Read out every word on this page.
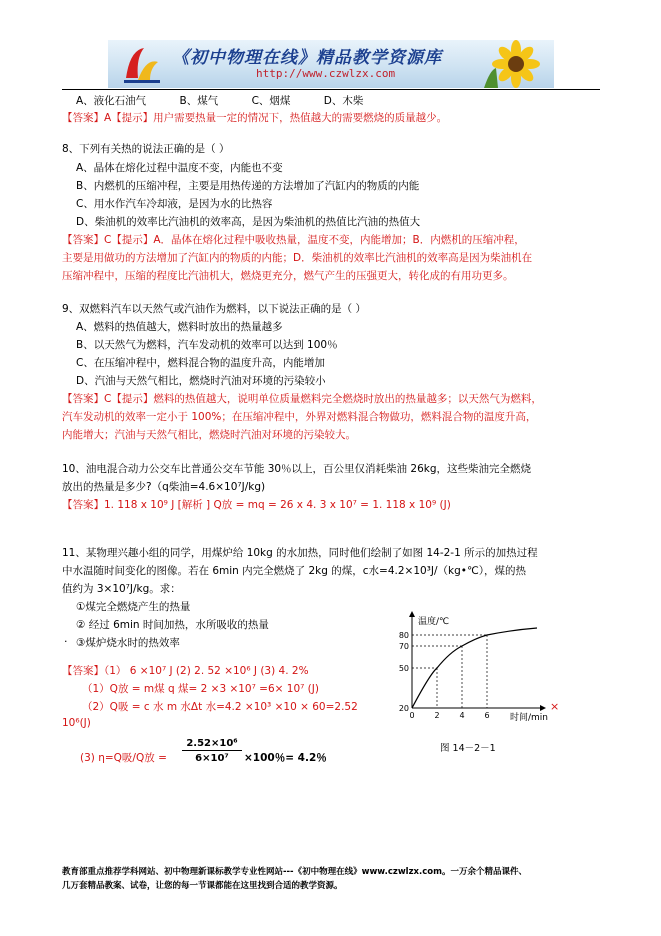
《初中物理在线》精品教学资源库
http://www.czwlzx.com
A、液化石油气	B、煤气	C、烟煤	D、木柴
【答案】A【提示】用户需要热量一定的情况下，热值越大的需要燃烧的质量越少。
8、下列有关热的说法正确的是（ ）
A、晶体在熔化过程中温度不变，内能也不变
B、内燃机的压缩冲程，主要是用热传递的方法增加了汽缸内的物质的内能
C、用水作汽车冷却液，是因为水的比热容
D、柴油机的效率比汽油机的效率高，是因为柴油机的热值比汽油的热值大
【答案】C【提示】A．晶体在熔化过程中吸收热量，温度不变，内能增加；B．内燃机的压缩冲程，
主要是用做功的方法增加了汽缸内的物质的内能；D．柴油机的效率比汽油机的效率高是因为柴油机在
压缩冲程中，压缩的程度比汽油机大，燃烧更充分，燃气产生的压强更大，转化成的有用功更多。
9、双燃料汽车以天然气或汽油作为燃料，以下说法正确的是（ ）
A、燃料的热值越大，燃料时放出的热量越多
B、以天然气为燃料，汽车发动机的效率可以达到 100％
C、在压缩冲程中，燃料混合物的温度升高，内能增加
D、汽油与天然气相比，燃烧时汽油对环境的污染较小
【答案】C【提示】燃料的热值越大，说明单位质量燃料完全燃烧时放出的热量越多；以天然气为燃料，
汽车发动机的效率一定小于 100%；在压缩冲程中，外界对燃料混合物做功，燃料混合物的温度升高，
内能增大；汽油与天然气相比，燃烧时汽油对环境的污染较大。
10、油电混合动力公交车比普通公交车节能 30％以上，百公里仅消耗柴油 26kg，这些柴油完全燃烧
放出的热量是多少?（q柴油=4.6×10⁷J/kg)
【答案】1. 118 x 10⁹ J [解析 ] Q放 = mq = 26 x 4. 3 x 10⁷ = 1. 118 x 10⁹ (J)
11、某物理兴趣小组的同学，用煤炉给 10kg 的水加热，同时他们绘制了如图 14-2-1 所示的加热过程
中水温随时间变化的图像。若在 6min 内完全燃烧了 2kg 的煤，c水=4.2×10³J/（kg•℃），煤的热
值约为 3×10⁷J/kg。求：
①煤完全燃烧产生的热量
② 经过 6min 时间加热，水所吸收的热量
. ③煤炉烧水时的热效率
【答案】（1） 6 ×10⁷ J (2) 2. 52 ×10⁶ J (3) 4. 2%
（1）Q放 = m煤 q 煤= 2 ×3 ×10⁷ =6× 10⁷ (J)
（2）Q吸 = c 水 m 水Δt 水=4.2 ×10³ ×10 × 60=2.52
10⁶(J)
×
(3) η=Q吸/Q放 = $\frac{\text{2.52×10⁶}}{\text{6×10⁷}} \times 100$％= 4.2％
温度/℃
时间/min
80
70
50
20
0 2 4 6
图 14－2－1
教育部重点推荐学科网站、初中物理新课标教学专业性网站---《初中物理在线》www.czwlzx.com。一万余个精品课件、
几万套精品教案、试卷，让您的每一节课都能在这里找到合适的教学资源。
